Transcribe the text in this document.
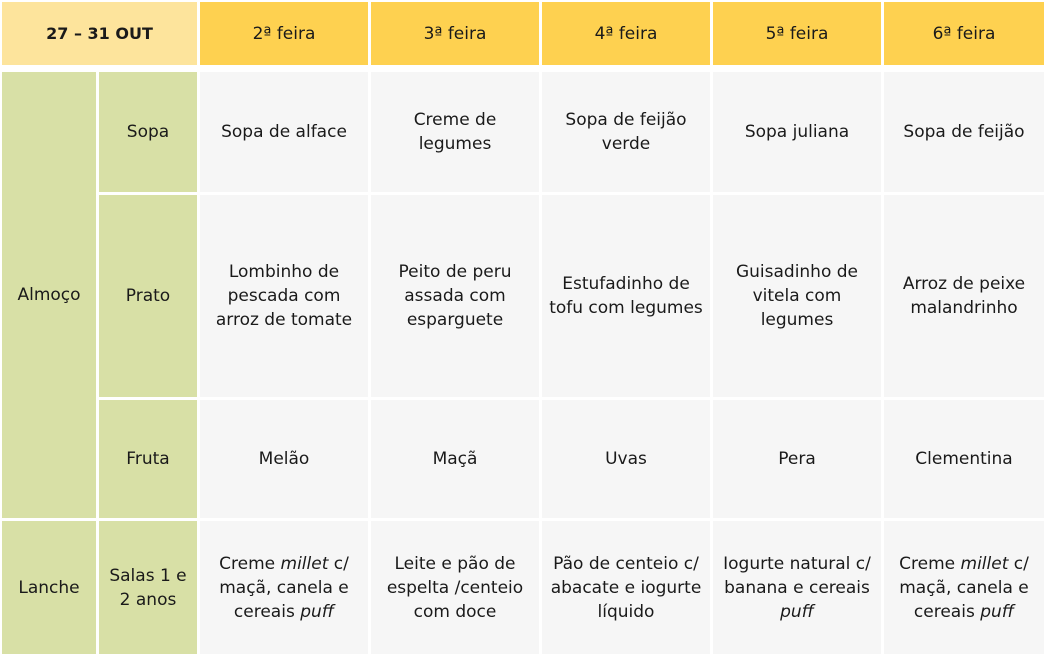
27 – 31 OUT		2ª feira	3ª feira	4ª feira	5ª feira	6ª feira

Almoço	Sopa	Sopa de alface	Creme de legumes	Sopa de feijão verde	Sopa juliana	Sopa de feijão
	Prato	Lombinho de pescada com arroz de tomate	Peito de peru assada com esparguete	Estufadinho de tofu com legumes	Guisadinho de vitela com legumes	Arroz de peixe malandrinho
	Fruta	Melão	Maçã	Uvas	Pera	Clementina
Lanche	Salas 1 e 2 anos	Creme millet c/ maçã, canela e cereais puff	Leite e pão de espelta /centeio com doce	Pão de centeio c/ abacate e iogurte líquido	Iogurte natural c/ banana e cereais puff	Creme millet c/ maçã, canela e cereais puff
